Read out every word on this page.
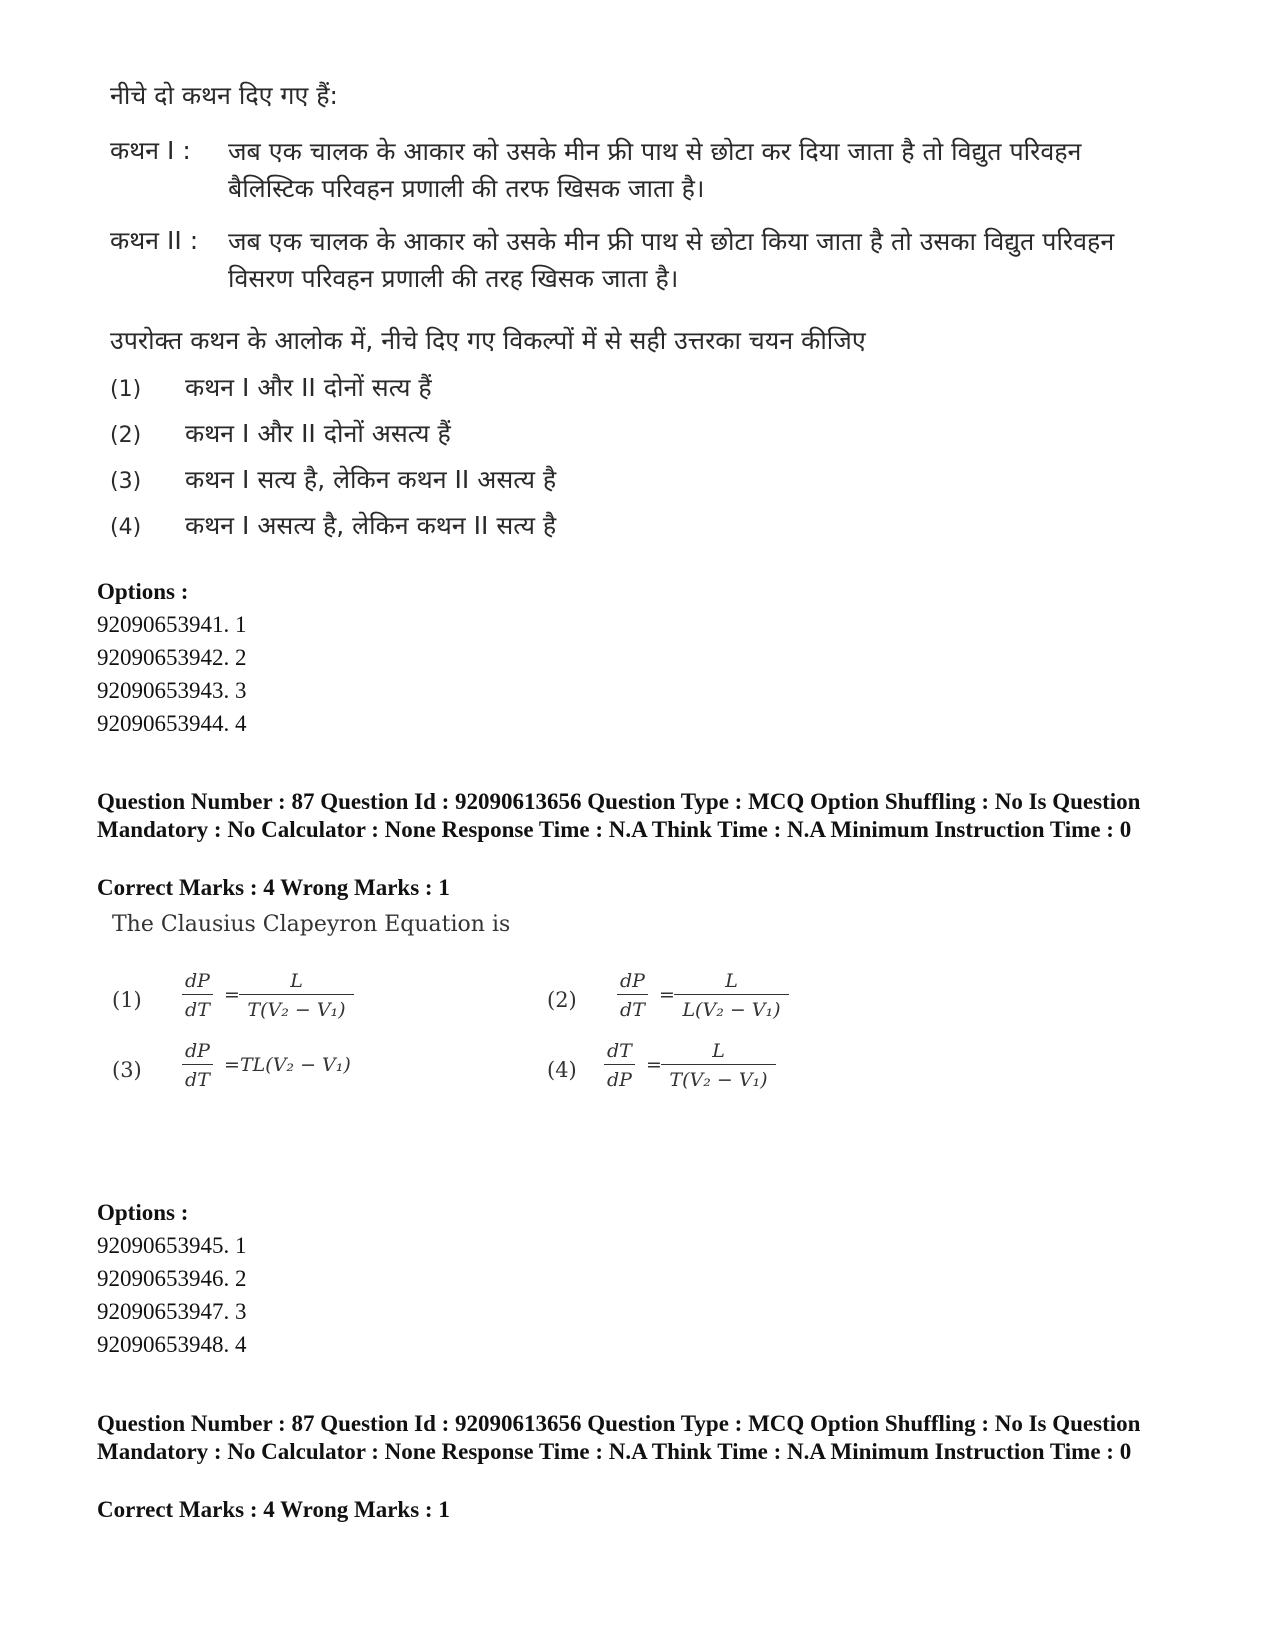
नीचे दो कथन दिए गए हैं:
कथन I : जब एक चालक के आकार को उसके मीन फ्री पाथ से छोटा कर दिया जाता है तो विद्युत परिवहन बैलिस्टिक परिवहन प्रणाली की तरफ खिसक जाता है।
कथन II : जब एक चालक के आकार को उसके मीन फ्री पाथ से छोटा किया जाता है तो उसका विद्युत परिवहन विसरण परिवहन प्रणाली की तरह खिसक जाता है।
उपरोक्त कथन के आलोक में, नीचे दिए गए विकल्पों में से सही उत्तरका चयन कीजिए
(1) कथन I और II दोनों सत्य हैं
(2) कथन I और II दोनों असत्य हैं
(3) कथन I सत्य है, लेकिन कथन II असत्य है
(4) कथन I असत्य है, लेकिन कथन II सत्य है
Options :
92090653941. 1
92090653942. 2
92090653943. 3
92090653944. 4
Question Number : 87 Question Id : 92090613656 Question Type : MCQ Option Shuffling : No Is Question Mandatory : No Calculator : None Response Time : N.A Think Time : N.A Minimum Instruction Time : 0
Correct Marks : 4 Wrong Marks : 1
The Clausius Clapeyron Equation is
$(1) \frac{dP}{dT} = \frac{L}{\text{T(V₂ − V₁)}}$	$(2) \frac{dP}{dT} = \frac{L}{\text{L(V₂ − V₁)}}$
$(3) \frac{dP}{dT} = TL(V_2 - V_1)$	$(4) \frac{dT}{dP} = \frac{L}{\text{T(V₂ − V₁)}}$
Options :
92090653945. 1
92090653946. 2
92090653947. 3
92090653948. 4
Question Number : 87 Question Id : 92090613656 Question Type : MCQ Option Shuffling : No Is Question Mandatory : No Calculator : None Response Time : N.A Think Time : N.A Minimum Instruction Time : 0
Correct Marks : 4 Wrong Marks : 1
